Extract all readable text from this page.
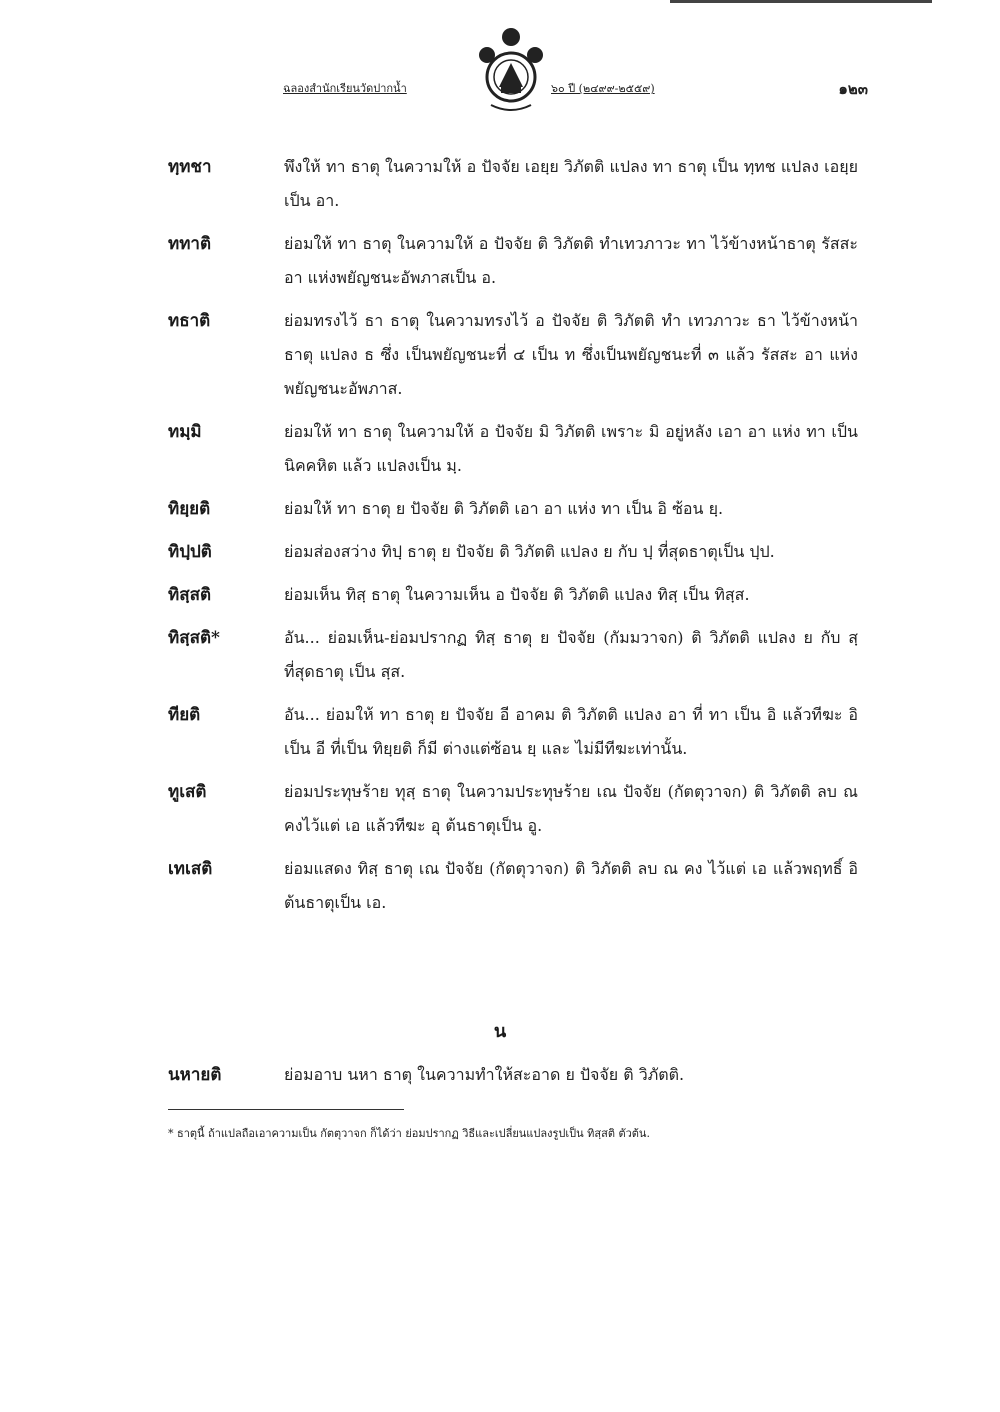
ฉลองสำนักเรียนวัดปากน้ำ	๖๐ ปี (๒๔๙๙-๒๕๕๙)	๑๒๓
ทฺทชา	พึงให้ ทา ธาตุ ในความให้ อ ปัจจัย เอยฺย วิภัตติ แปลง ทา ธาตุ เป็น ทฺทช แปลง เอยฺย เป็น อา.
ททาติ	ย่อมให้ ทา ธาตุ ในความให้ อ ปัจจัย ติ วิภัตติ ทำเทวภาวะ ทา ไว้ข้างหน้าธาตุ รัสสะ อา แห่งพยัญชนะอัพภาสเป็น อ.
ทธาติ	ย่อมทรงไว้ ธา ธาตุ ในความทรงไว้ อ ปัจจัย ติ วิภัตติ ทำ เทวภาวะ ธา ไว้ข้างหน้าธาตุ แปลง ธ ซึ่ง เป็นพยัญชนะที่ ๔ เป็น ท ซึ่งเป็นพยัญชนะที่ ๓ แล้ว รัสสะ อา แห่งพยัญชนะอัพภาส.
ทมฺมิ	ย่อมให้ ทา ธาตุ ในความให้ อ ปัจจัย มิ วิภัตติ เพราะ มิ อยู่หลัง เอา อา แห่ง ทา เป็น นิคคหิต แล้ว แปลงเป็น มฺ.
ทิยฺยติ	ย่อมให้ ทา ธาตุ ย ปัจจัย ติ วิภัตติ เอา อา แห่ง ทา เป็น อิ ซ้อน ยฺ.
ทิปฺปติ	ย่อมส่องสว่าง ทิปฺ ธาตุ ย ปัจจัย ติ วิภัตติ แปลง ย กับ ปฺ ที่สุดธาตุเป็น ปฺป.
ทิสฺสติ	ย่อมเห็น ทิสฺ ธาตุ ในความเห็น อ ปัจจัย ติ วิภัตติ แปลง ทิสฺ เป็น ทิสฺส.
ทิสฺสติ*	อัน... ย่อมเห็น-ย่อมปรากฏ ทิสฺ ธาตุ ย ปัจจัย (กัมมวาจก) ติ วิภัตติ แปลง ย กับ สฺ ที่สุดธาตุ เป็น สฺส.
ทียติ	อัน... ย่อมให้ ทา ธาตุ ย ปัจจัย อี อาคม ติ วิภัตติ แปลง อา ที่ ทา เป็น อิ แล้วทีฆะ อิ เป็น อี ที่เป็น ทิยฺยติ ก็มี ต่างแต่ซ้อน ยฺ และ ไม่มีทีฆะเท่านั้น.
ทูเสติ	ย่อมประทุษร้าย ทุสฺ ธาตุ ในความประทุษร้าย เณ ปัจจัย (กัตตุวาจก) ติ วิภัตติ ลบ ณ คงไว้แต่ เอ แล้วทีฆะ อุ ต้นธาตุเป็น อู.
เทเสติ	ย่อมแสดง ทิสฺ ธาตุ เณ ปัจจัย (กัตตุวาจก) ติ วิภัตติ ลบ ณ คง ไว้แต่ เอ แล้วพฤทธิ์ อิ ต้นธาตุเป็น เอ.
น
นหายติ	ย่อมอาบ นหา ธาตุ ในความทำให้สะอาด ย ปัจจัย ติ วิภัตติ.
* ธาตุนี้ ถ้าแปลถือเอาความเป็น กัตตุวาจก ก็ได้ว่า ย่อมปรากฏ วิธีและเปลี่ยนแปลงรูปเป็น ทิสฺสติ ตัวต้น.
